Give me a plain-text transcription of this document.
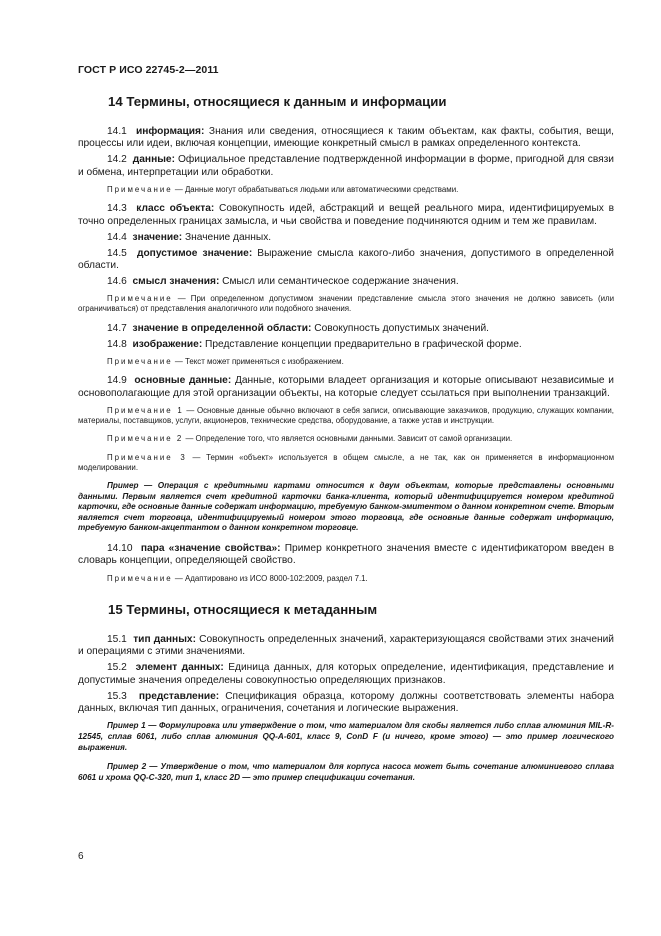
ГОСТ Р ИСО 22745-2—2011
14 Термины, относящиеся к данным и информации

14.1 информация: Знания или сведения, относящиеся к таким объектам, как факты, события, вещи, процессы или идеи, включая концепции, имеющие конкретный смысл в рамках определенного контекста.

14.2 данные: Официальное представление подтвержденной информации в форме, пригодной для связи и обмена, интерпретации или обработки.

Примечание — Данные могут обрабатываться людьми или автоматическими средствами.

14.3 класс объекта: Совокупность идей, абстракций и вещей реального мира, идентифицируемых в точно определенных границах замысла, и чьи свойства и поведение подчиняются одним и тем же правилам.

14.4 значение: Значение данных.

14.5 допустимое значение: Выражение смысла какого-либо значения, допустимого в определенной области.

14.6 смысл значения: Смысл или семантическое содержание значения.

Примечание — При определенном допустимом значении представление смысла этого значения не должно зависеть (или ограничиваться) от представления аналогичного или подобного значения.

14.7 значение в определенной области: Совокупность допустимых значений.

14.8 изображение: Представление концепции предварительно в графической форме.

Примечание — Текст может применяться с изображением.

14.9 основные данные: Данные, которыми владеет организация и которые описывают независимые и основополагающие для этой организации объекты, на которые следует ссылаться при выполнении транзакций.

Примечание 1 — Основные данные обычно включают в себя записи, описывающие заказчиков, продукцию, служащих компании, материалы, поставщиков, услуги, акционеров, технические средства, оборудование, а также устав и инструкции.

Примечание 2 — Определение того, что является основными данными. Зависит от самой организации.

Примечание 3 — Термин «объект» используется в общем смысле, а не так, как он применяется в информационном моделировании.

Пример — Операция с кредитными картами относится к двум объектам, которые представлены основными данными. Первым является счет кредитной карточки банка-клиента, который идентифицируется номером кредитной карточки, где основные данные содержат информацию, требуемую банком-эмитентом о данном конкретном счете. Вторым является счет торговца, идентифицируемый номером этого торговца, где основные данные содержат информацию, требуемую банком-акцептантом о данном конкретном торговце.

14.10 пара «значение свойства»: Пример конкретного значения вместе с идентификатором введен в словарь концепции, определяющей свойство.

Примечание — Адаптировано из ИСО 8000-102:2009, раздел 7.1.

15 Термины, относящиеся к метаданным

15.1 тип данных: Совокупность определенных значений, характеризующаяся свойствами этих значений и операциями с этими значениями.

15.2 элемент данных: Единица данных, для которых определение, идентификация, представление и допустимые значения определены совокупностью определяющих признаков.

15.3 представление: Спецификация образца, которому должны соответствовать элементы набора данных, включая тип данных, ограничения, сочетания и логические выражения.

Пример 1 — Формулировка или утверждение о том, что материалом для скобы является либо сплав алюминия MIL-R-12545, сплав 6061, либо сплав алюминия QQ-A-601, класс 9, ConD F (и ничего, кроме этого) — это пример логического выражения.

Пример 2 — Утверждение о том, что материалом для корпуса насоса может быть сочетание алюминиевого сплава 6061 и хрома QQ-C-320, тип 1, класс 2D — это пример спецификации сочетания.

6
